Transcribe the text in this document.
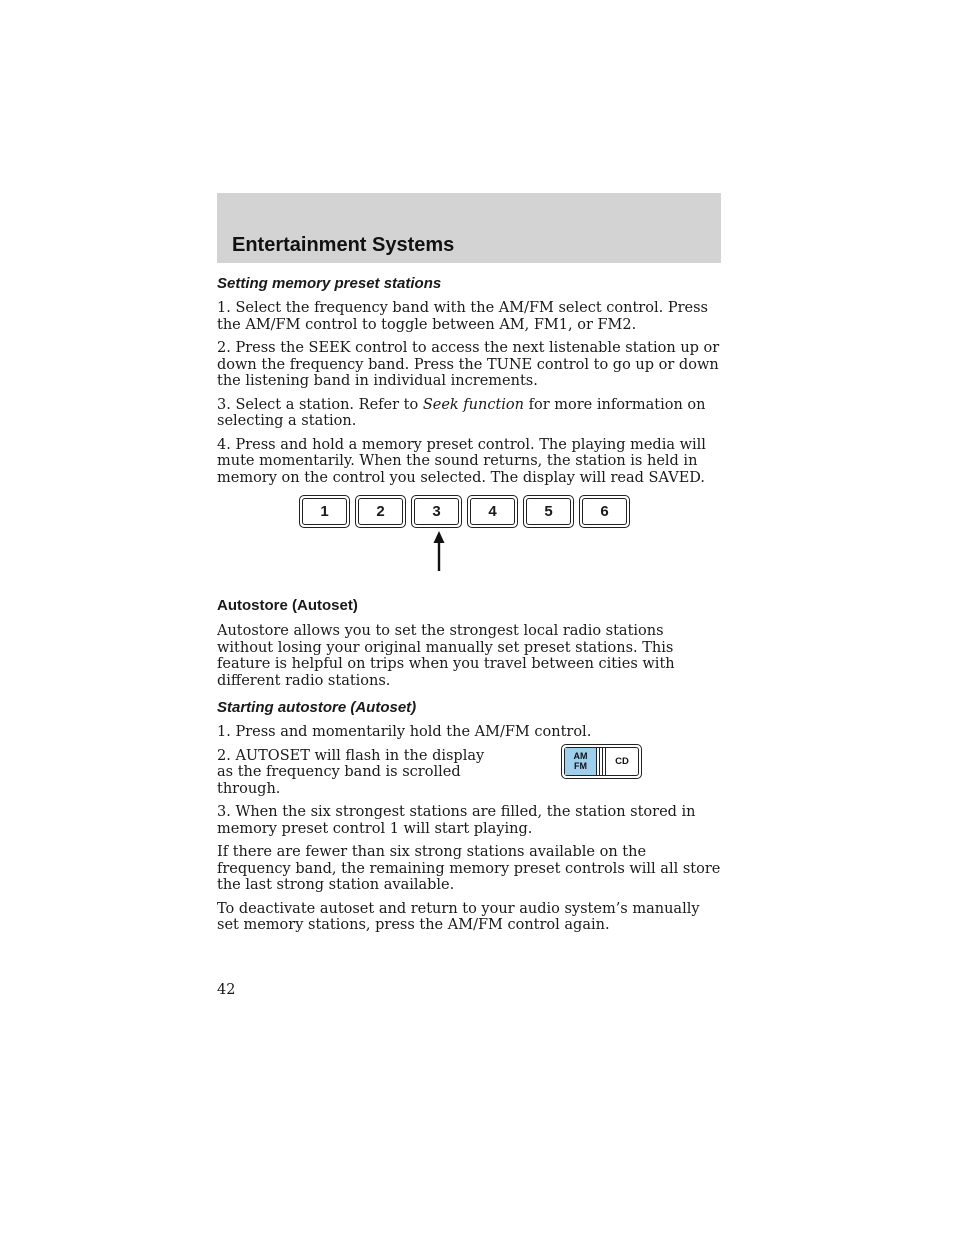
Entertainment Systems
Setting memory preset stations

1. Select the frequency band with the AM/FM select control. Press the AM/FM control to toggle between AM, FM1, or FM2.

2. Press the SEEK control to access the next listenable station up or down the frequency band. Press the TUNE control to go up or down the listening band in individual increments.

3. Select a station. Refer to Seek function for more information on selecting a station.

4. Press and hold a memory preset control. The playing media will mute momentarily. When the sound returns, the station is held in memory on the control you selected. The display will read SAVED.

1	2	3	4	5	6
Autostore (Autoset)

Autostore allows you to set the strongest local radio stations without losing your original manually set preset stations. This feature is helpful on trips when you travel between cities with different radio stations.

Starting autostore (Autoset)

1. Press and momentarily hold the AM/FM control.

2. AUTOSET will flash in the display as the frequency band is scrolled through.

AM
FM	CD

3. When the six strongest stations are filled, the station stored in memory preset control 1 will start playing.

If there are fewer than six strong stations available on the frequency band, the remaining memory preset controls will all store the last strong station available.

To deactivate autoset and return to your audio system’s manually set memory stations, press the AM/FM control again.

42
